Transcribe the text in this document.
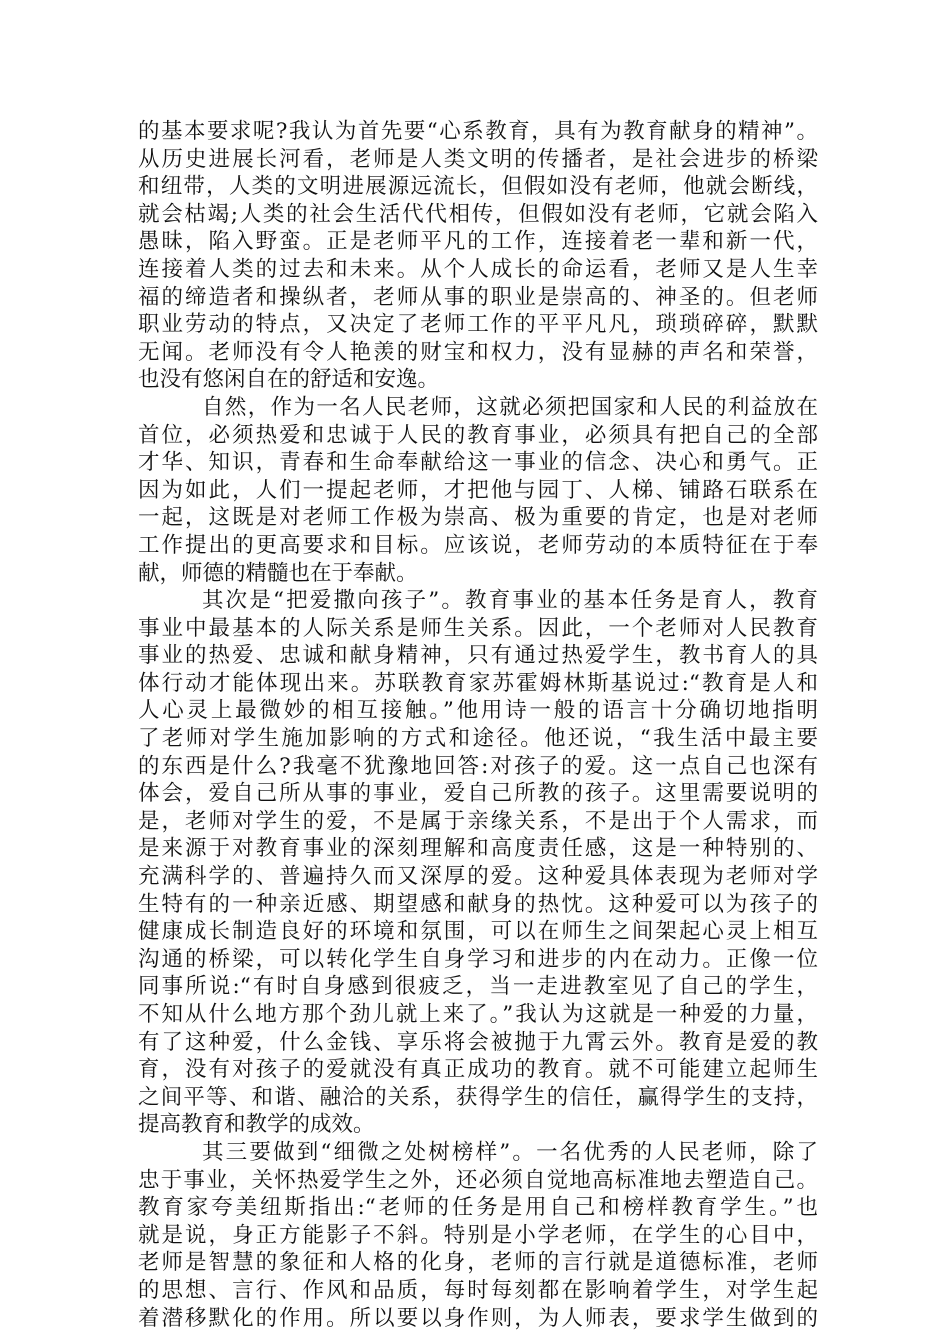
的基本要求呢?我认为首先要“心系教育，具有为教育献身的精神”。
从历史进展长河看，老师是人类文明的传播者，是社会进步的桥梁
和纽带，人类的文明进展源远流长，但假如没有老师，他就会断线，
就会枯竭;人类的社会生活代代相传，但假如没有老师，它就会陷入
愚昧，陷入野蛮。正是老师平凡的工作，连接着老一辈和新一代，
连接着人类的过去和未来。从个人成长的命运看，老师又是人生幸
福的缔造者和操纵者，老师从事的职业是崇高的、神圣的。但老师
职业劳动的特点，又决定了老师工作的平平凡凡，琐琐碎碎，默默
无闻。老师没有令人艳羡的财宝和权力，没有显赫的声名和荣誉，
也没有悠闲自在的舒适和安逸。
自然，作为一名人民老师，这就必须把国家和人民的利益放在
首位，必须热爱和忠诚于人民的教育事业，必须具有把自己的全部
才华、知识，青春和生命奉献给这一事业的信念、决心和勇气。正
因为如此，人们一提起老师，才把他与园丁、人梯、铺路石联系在
一起，这既是对老师工作极为崇高、极为重要的肯定，也是对老师
工作提出的更高要求和目标。应该说，老师劳动的本质特征在于奉
献，师德的精髓也在于奉献。
其次是“把爱撒向孩子”。教育事业的基本任务是育人，教育
事业中最基本的人际关系是师生关系。因此，一个老师对人民教育
事业的热爱、忠诚和献身精神，只有通过热爱学生，教书育人的具
体行动才能体现出来。苏联教育家苏霍姆林斯基说过:“教育是人和
人心灵上最微妙的相互接触。”他用诗一般的语言十分确切地指明
了老师对学生施加影响的方式和途径。他还说，“我生活中最主要
的东西是什么?我毫不犹豫地回答:对孩子的爱。这一点自己也深有
体会，爱自己所从事的事业，爱自己所教的孩子。这里需要说明的
是，老师对学生的爱，不是属于亲缘关系，不是出于个人需求，而
是来源于对教育事业的深刻理解和高度责任感，这是一种特别的、
充满科学的、普遍持久而又深厚的爱。这种爱具体表现为老师对学
生特有的一种亲近感、期望感和献身的热忱。这种爱可以为孩子的
健康成长制造良好的环境和氛围，可以在师生之间架起心灵上相互
沟通的桥梁，可以转化学生自身学习和进步的内在动力。正像一位
同事所说:“有时自身感到很疲乏，当一走进教室见了自己的学生，
不知从什么地方那个劲儿就上来了。”我认为这就是一种爱的力量，
有了这种爱，什么金钱、享乐将会被抛于九霄云外。教育是爱的教
育，没有对孩子的爱就没有真正成功的教育。就不可能建立起师生
之间平等、和谐、融洽的关系，获得学生的信任，赢得学生的支持，
提高教育和教学的成效。
其三要做到“细微之处树榜样”。一名优秀的人民老师，除了
忠于事业，关怀热爱学生之外，还必须自觉地高标准地去塑造自己。
教育家夸美纽斯指出:“老师的任务是用自己和榜样教育学生。”也
就是说，身正方能影子不斜。特别是小学老师，在学生的心目中，
老师是智慧的象征和人格的化身，老师的言行就是道德标准，老师
的思想、言行、作风和品质，每时每刻都在影响着学生，对学生起
着潜移默化的作用。所以要以身作则，为人师表，要求学生做到的
